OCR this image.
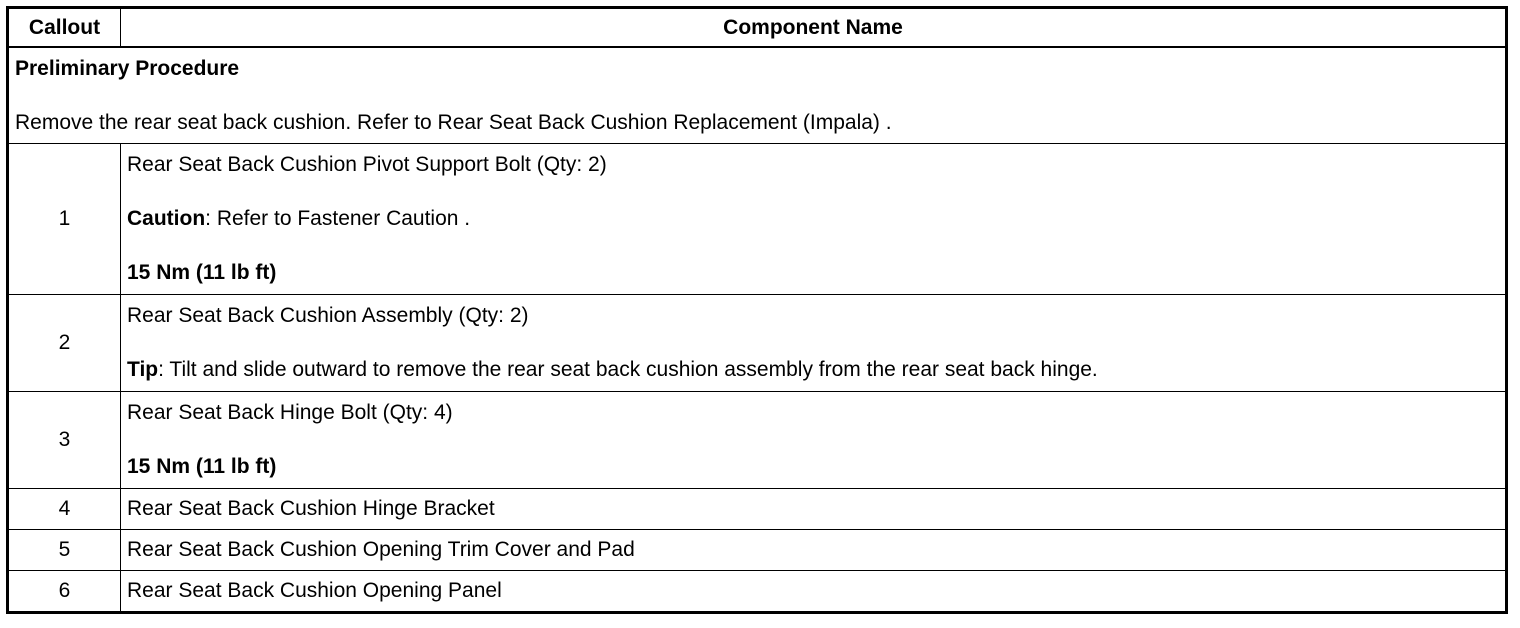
Callout	Component Name

Preliminary Procedure

Remove the rear seat back cushion. Refer to Rear Seat Back Cushion Replacement (Impala) .	

1	Rear Seat Back Cushion Pivot Support Bolt (Qty: 2)

Caution: Refer to Fastener Caution .

15 Nm (11 lb ft)

2	Rear Seat Back Cushion Assembly (Qty: 2)

Tip: Tilt and slide outward to remove the rear seat back cushion assembly from the rear seat back hinge.

3	Rear Seat Back Hinge Bolt (Qty: 4)

15 Nm (11 lb ft)

4	Rear Seat Back Cushion Hinge Bracket
5	Rear Seat Back Cushion Opening Trim Cover and Pad
6	Rear Seat Back Cushion Opening Panel
